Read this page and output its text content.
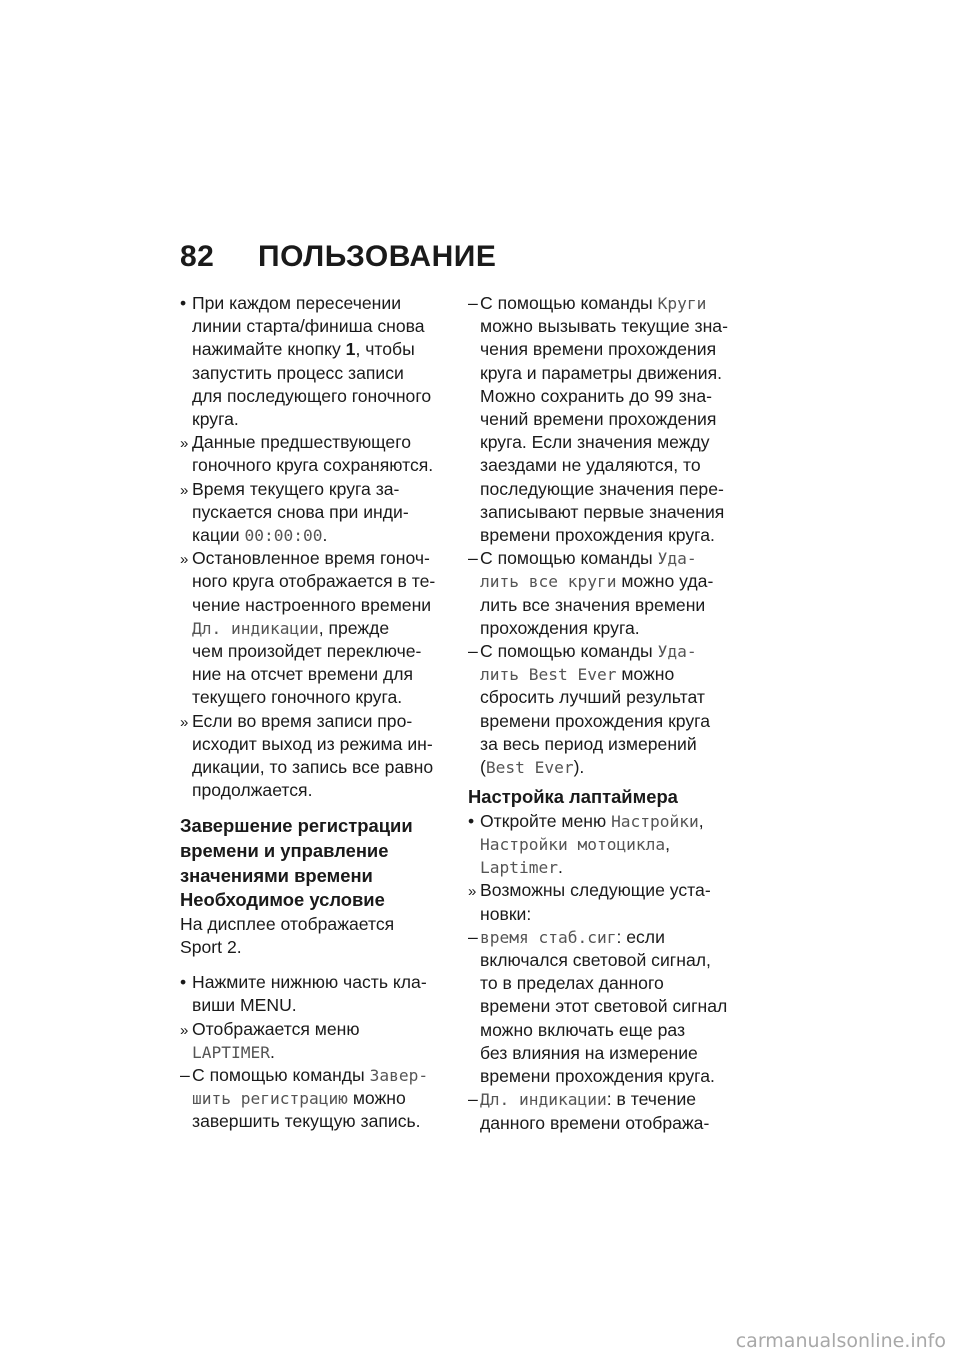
82 ПОЛЬЗОВАНИЕ
•
При каждом пересечении
линии старта/финиша снова
нажимайте кнопку 1, чтобы
запустить процесс записи
для последующего гоночного
круга.
»
Данные предшествующего
гоночного круга сохраняются.
»
Время текущего круга за-
пускается снова при инди-
кации 00:00:00.
»
Остановленное время гоноч-
ного круга отображается в те-
чение настроенного времени
Дл. индикации, прежде
чем произойдет переключе-
ние на отсчет времени для
текущего гоночного круга.
»
Если во время записи про-
исходит выход из режима ин-
дикации, то запись все равно
продолжается.
Завершение регистрации
времени и управление
значениями времени
Необходимое условие
На дисплее отображается
Sport 2.
•
Нажмите нижнюю часть кла-
виши MENU.
»
Отображается меню
LAPTIMER.
–
С помощью команды Завер-
шить регистрацию можно
завершить текущую запись.
–
С помощью команды Круги
можно вызывать текущие зна-
чения времени прохождения
круга и параметры движения.
Можно сохранить до 99 зна-
чений времени прохождения
круга. Если значения между
заездами не удаляются, то
последующие значения пере-
записывают первые значения
времени прохождения круга.
–
С помощью команды Уда-
лить все круги можно уда-
лить все значения времени
прохождения круга.
–
С помощью команды Уда-
лить Best Ever можно
сбросить лучший результат
времени прохождения круга
за весь период измерений
(Best Ever).
Настройка лаптаймера
•
Откройте меню Настройки,
Настройки мотоцикла,
Laptimer.
»
Возможны следующие уста-
новки:
–
время стаб.сиг: если
включался световой сигнал,
то в пределах данного
времени этот световой сигнал
можно включать еще раз
без влияния на измерение
времени прохождения круга.
–
Дл. индикации: в течение
данного времени отобража-
carmanualsonline.info
